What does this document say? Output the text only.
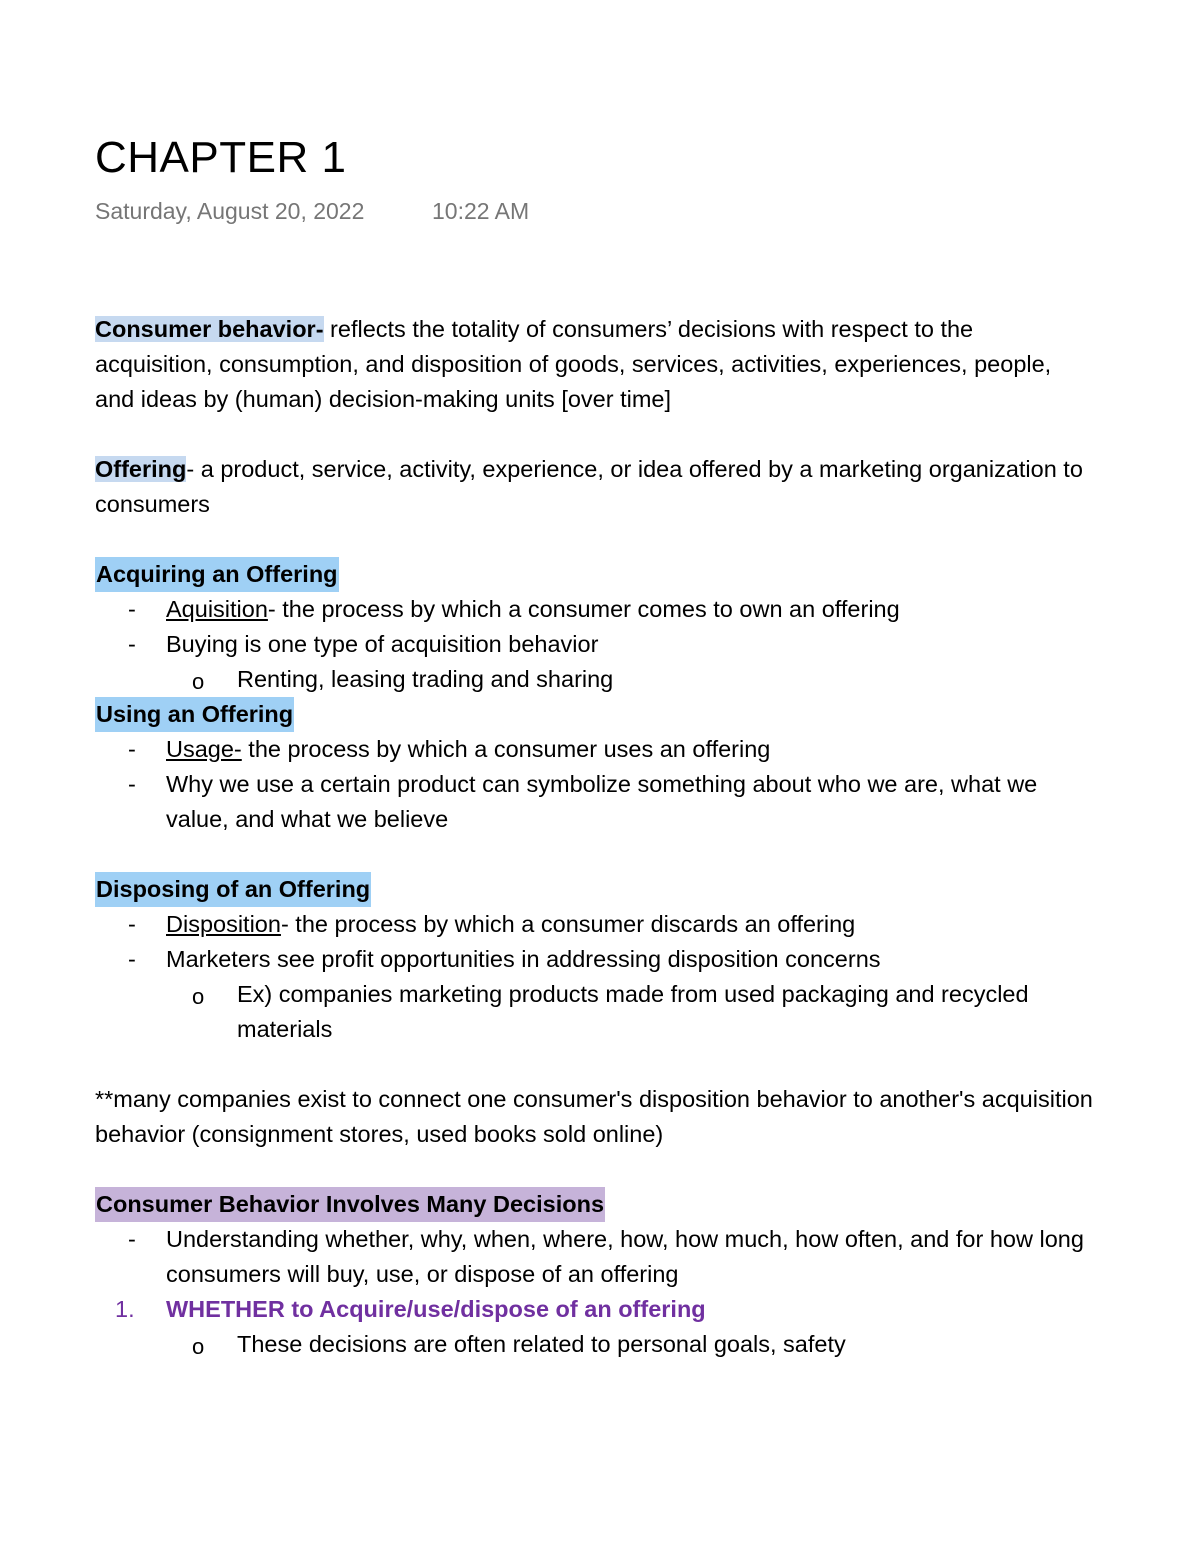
CHAPTER 1
Saturday, August 20, 2022	10:22 AM

Consumer behavior- reflects the totality of consumers’ decisions with respect to the acquisition, consumption, and disposition of goods, services, activities, experiences, people, and ideas by (human) decision-making units [over time]

Offering- a product, service, activity, experience, or idea offered by a marketing organization to consumers

Acquiring an Offering
- Aquisition- the process by which a consumer comes to own an offering
- Buying is one type of acquisition behavior
o Renting, leasing trading and sharing
Using an Offering
- Usage- the process by which a consumer uses an offering
- Why we use a certain product can symbolize something about who we are, what we value, and what we believe
Disposing of an Offering
- Disposition- the process by which a consumer discards an offering
- Marketers see profit opportunities in addressing disposition concerns
o Ex) companies marketing products made from used packaging and recycled materials

**many companies exist to connect one consumer's disposition behavior to another's acquisition behavior (consignment stores, used books sold online)

Consumer Behavior Involves Many Decisions
- Understanding whether, why, when, where, how, how much, how often, and for how long consumers will buy, use, or dispose of an offering
1. WHETHER to Acquire/use/dispose of an offering
o These decisions are often related to personal goals, safety
